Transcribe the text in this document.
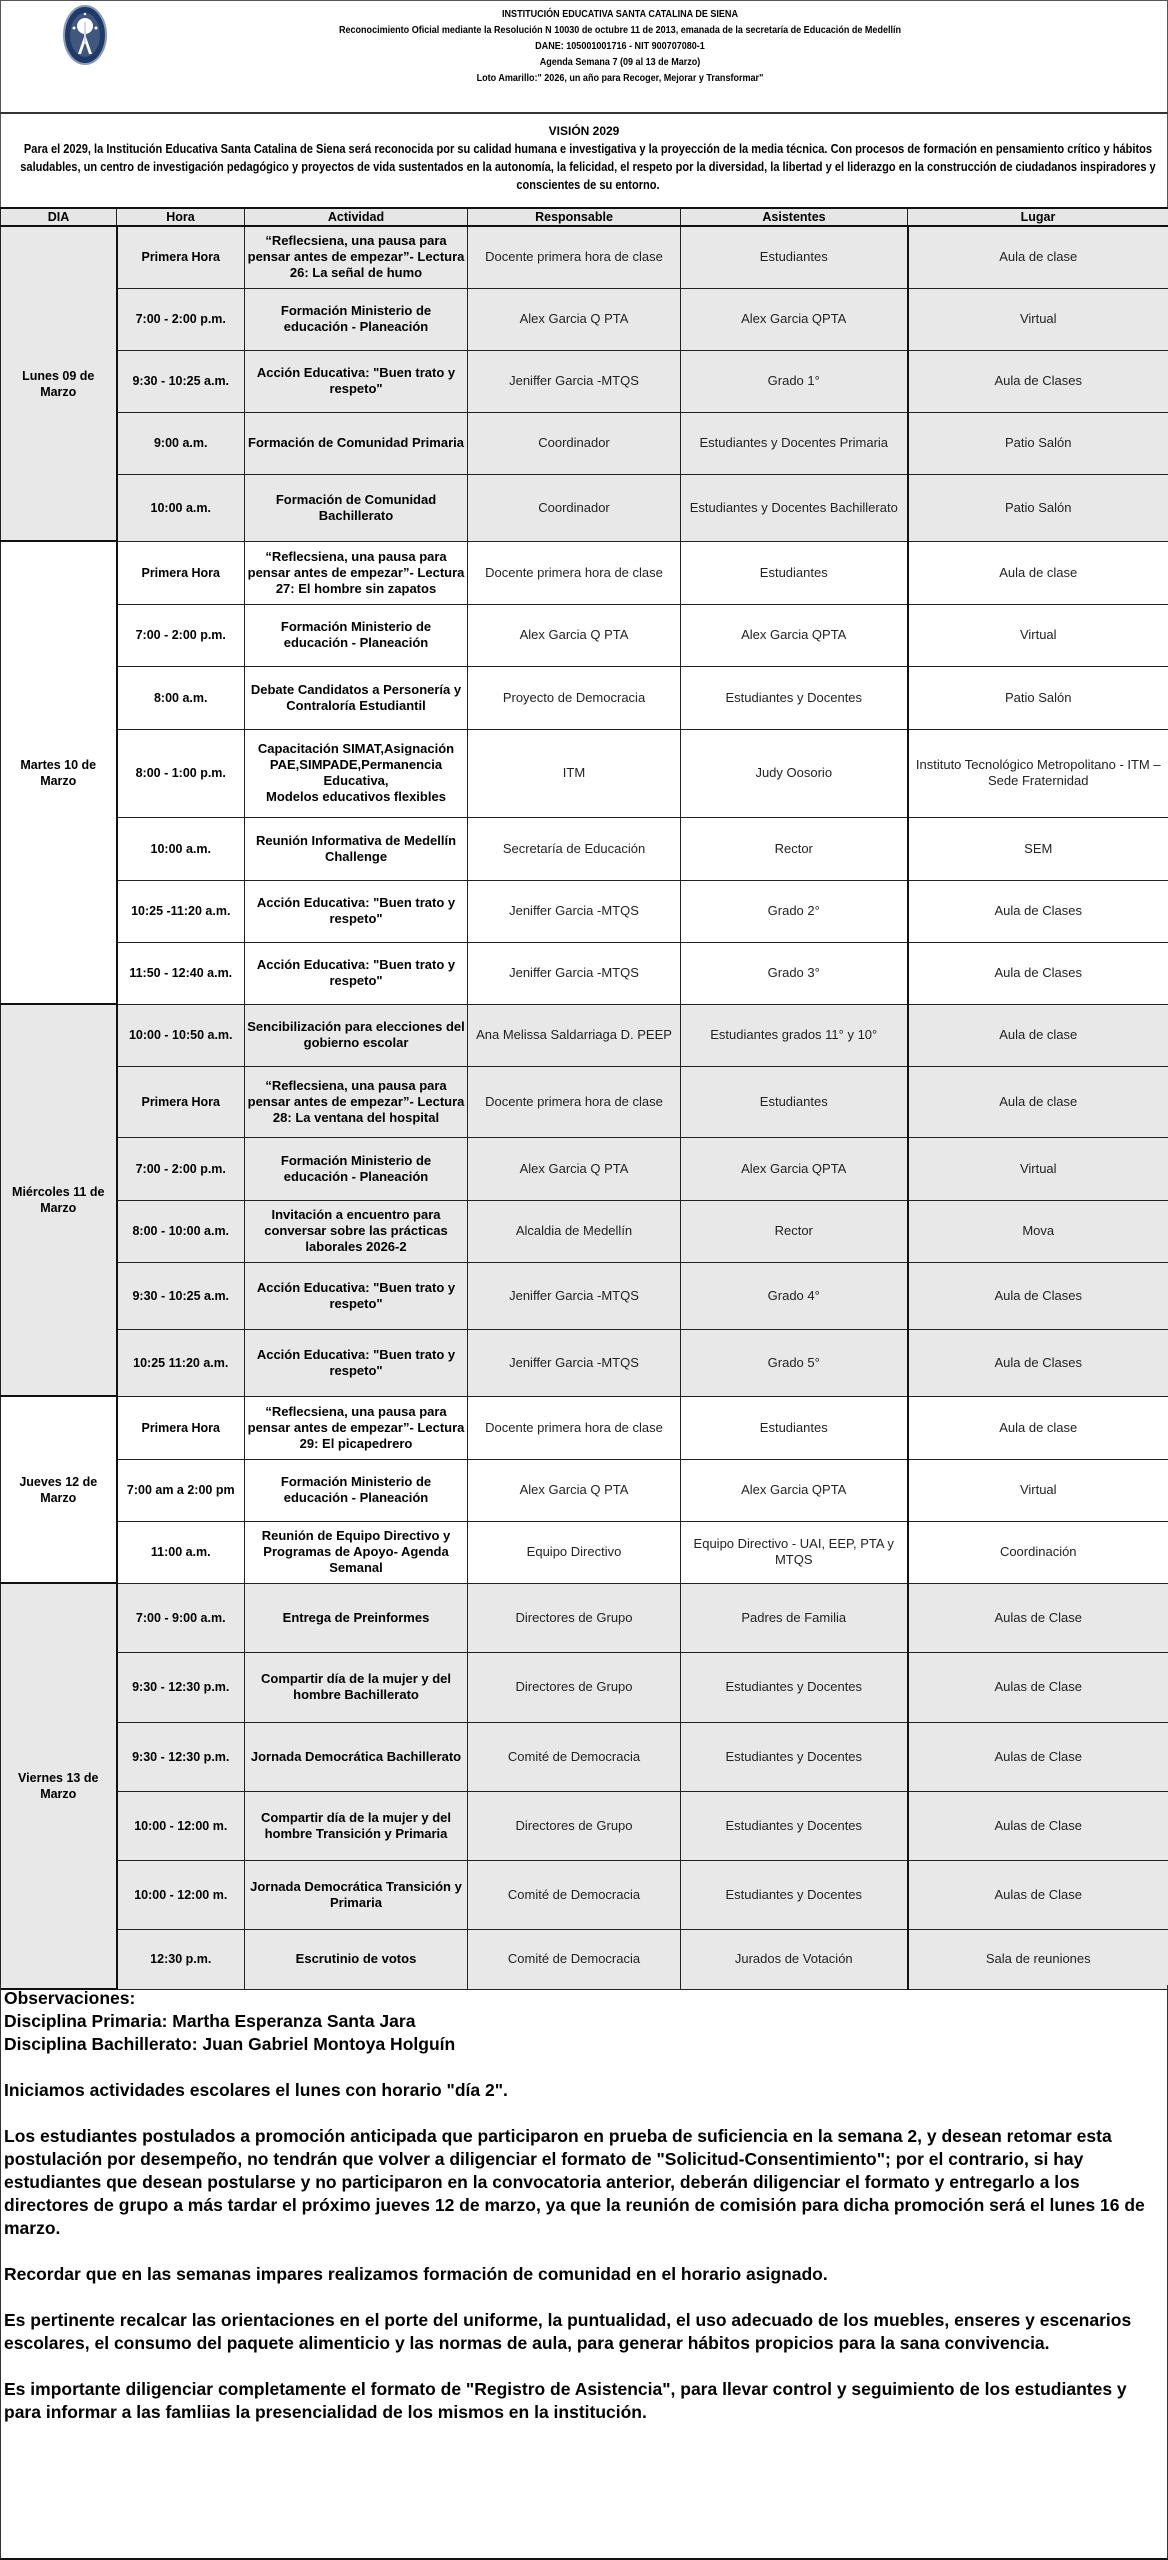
INSTITUCIÓN EDUCATIVA SANTA CATALINA DE SIENA
Reconocimiento Oficial mediante la Resolución N 10030 de octubre 11 de 2013, emanada de la secretaría de Educación de Medellín
DANE: 105001001716 - NIT 900707080-1
Agenda Semana 7 (09 al 13 de Marzo)
Loto Amarillo:" 2026, un año para Recoger, Mejorar y Transformar"
VISIÓN 2029
Para el 2029, la Institución Educativa Santa Catalina de Siena será reconocida por su calidad humana e investigativa y la proyección de la media técnica. Con procesos de formación en pensamiento crítico y hábitos saludables, un centro de investigación pedagógico y proyectos de vida sustentados en la autonomía, la felicidad, el respeto por la diversidad, la libertad y el liderazgo en la construcción de ciudadanos inspiradores y conscientes de su entorno.
DIA	Hora	Actividad	Responsable	Asistentes	Lugar
Lunes 09 de Marzo	Primera Hora	“Reflecsiena, una pausa para pensar antes de empezar”- Lectura 26: La señal de humo	Docente primera hora de clase	Estudiantes	Aula de clase
	7:00 - 2:00 p.m.	Formación Ministerio de educación - Planeación	Alex Garcia Q PTA	Alex Garcia QPTA	Virtual
	9:30 - 10:25 a.m.	Acción Educativa: "Buen trato y respeto"	Jeniffer Garcia -MTQS	Grado 1°	Aula de Clases
	9:00 a.m.	Formación de Comunidad Primaria	Coordinador	Estudiantes y Docentes Primaria	Patio Salón
	10:00 a.m.	Formación de Comunidad Bachillerato	Coordinador	Estudiantes y Docentes Bachillerato	Patio Salón
Martes 10 de Marzo	Primera Hora	“Reflecsiena, una pausa para pensar antes de empezar”- Lectura 27: El hombre sin zapatos	Docente primera hora de clase	Estudiantes	Aula de clase
	7:00 - 2:00 p.m.	Formación Ministerio de educación - Planeación	Alex Garcia Q PTA	Alex Garcia QPTA	Virtual
	8:00 a.m.	Debate Candidatos a Personería y Contraloría Estudiantil	Proyecto de Democracia	Estudiantes y Docentes	Patio Salón
	8:00 - 1:00 p.m.	Capacitación SIMAT,Asignación PAE,SIMPADE,Permanencia Educativa,
Modelos educativos flexibles	ITM	Judy Oosorio	Instituto Tecnológico Metropolitano - ITM – Sede Fraternidad
	10:00 a.m.	Reunión Informativa de Medellín Challenge	Secretaría de Educación	Rector	SEM
	10:25 -11:20 a.m.	Acción Educativa: "Buen trato y respeto"	Jeniffer Garcia -MTQS	Grado 2°	Aula de Clases
	11:50 - 12:40 a.m.	Acción Educativa: "Buen trato y respeto"	Jeniffer Garcia -MTQS	Grado 3°	Aula de Clases
Miércoles 11 de Marzo	10:00 - 10:50 a.m.	Sencibilización para elecciones del gobierno escolar	Ana Melissa Saldarriaga D. PEEP	Estudiantes grados 11° y 10°	Aula de clase
	Primera Hora	“Reflecsiena, una pausa para pensar antes de empezar”- Lectura 28: La ventana del hospital	Docente primera hora de clase	Estudiantes	Aula de clase
	7:00 - 2:00 p.m.	Formación Ministerio de educación - Planeación	Alex Garcia Q PTA	Alex Garcia QPTA	Virtual
	8:00 - 10:00 a.m.	Invitación a encuentro para conversar sobre las prácticas laborales 2026-2	Alcaldia de Medellín	Rector	Mova
	9:30 - 10:25 a.m.	Acción Educativa: "Buen trato y respeto"	Jeniffer Garcia -MTQS	Grado 4°	Aula de Clases
	10:25 11:20 a.m.	Acción Educativa: "Buen trato y respeto"	Jeniffer Garcia -MTQS	Grado 5°	Aula de Clases
Jueves 12 de Marzo	Primera Hora	“Reflecsiena, una pausa para pensar antes de empezar”- Lectura 29: El picapedrero	Docente primera hora de clase	Estudiantes	Aula de clase
	7:00 am a 2:00 pm	Formación Ministerio de educación - Planeación	Alex Garcia Q PTA	Alex Garcia QPTA	Virtual
	11:00 a.m.	Reunión de Equipo Directivo y Programas de Apoyo- Agenda Semanal	Equipo Directivo	Equipo Directivo - UAI, EEP, PTA y MTQS	Coordinación
Viernes 13 de Marzo	7:00 - 9:00 a.m.	Entrega de Preinformes	Directores de Grupo	Padres de Familia	Aulas de Clase
	9:30 - 12:30 p.m.	Compartir día de la mujer y del hombre Bachillerato	Directores de Grupo	Estudiantes y Docentes	Aulas de Clase
	9:30 - 12:30 p.m.	Jornada Democrática Bachillerato	Comité de Democracia	Estudiantes y Docentes	Aulas de Clase
	10:00 - 12:00 m.	Compartir día de la mujer y del hombre Transición y Primaria	Directores de Grupo	Estudiantes y Docentes	Aulas de Clase
	10:00 - 12:00 m.	Jornada Democrática Transición y Primaria	Comité de Democracia	Estudiantes y Docentes	Aulas de Clase
	12:30 p.m.	Escrutinio de votos	Comité de Democracia	Jurados de Votación	Sala de reuniones

Observaciones:

Disciplina Primaria: Martha Esperanza Santa Jara

Disciplina Bachillerato: Juan Gabriel Montoya Holguín

Iniciamos actividades escolares el lunes con horario "día 2".

Los estudiantes postulados a promoción anticipada que participaron en prueba de suficiencia en la semana 2, y desean retomar esta postulación por desempeño, no tendrán que volver a diligenciar el formato de "Solicitud-Consentimiento"; por el contrario, si hay estudiantes que desean postularse y no participaron en la convocatoria anterior, deberán diligenciar el formato y entregarlo a los directores de grupo a más tardar el próximo jueves 12 de marzo, ya que la reunión de comisión para dicha promoción será el lunes 16 de marzo.

Recordar que en las semanas impares realizamos formación de comunidad en el horario asignado.

Es pertinente recalcar las orientaciones en el porte del uniforme, la puntualidad, el uso adecuado de los muebles, enseres y escenarios escolares, el consumo del paquete alimenticio y las normas de aula, para generar hábitos propicios para la sana convivencia.

Es importante diligenciar completamente el formato de "Registro de Asistencia", para llevar control y seguimiento de los estudiantes y para informar a las famliias la presencialidad de los mismos en la institución.
